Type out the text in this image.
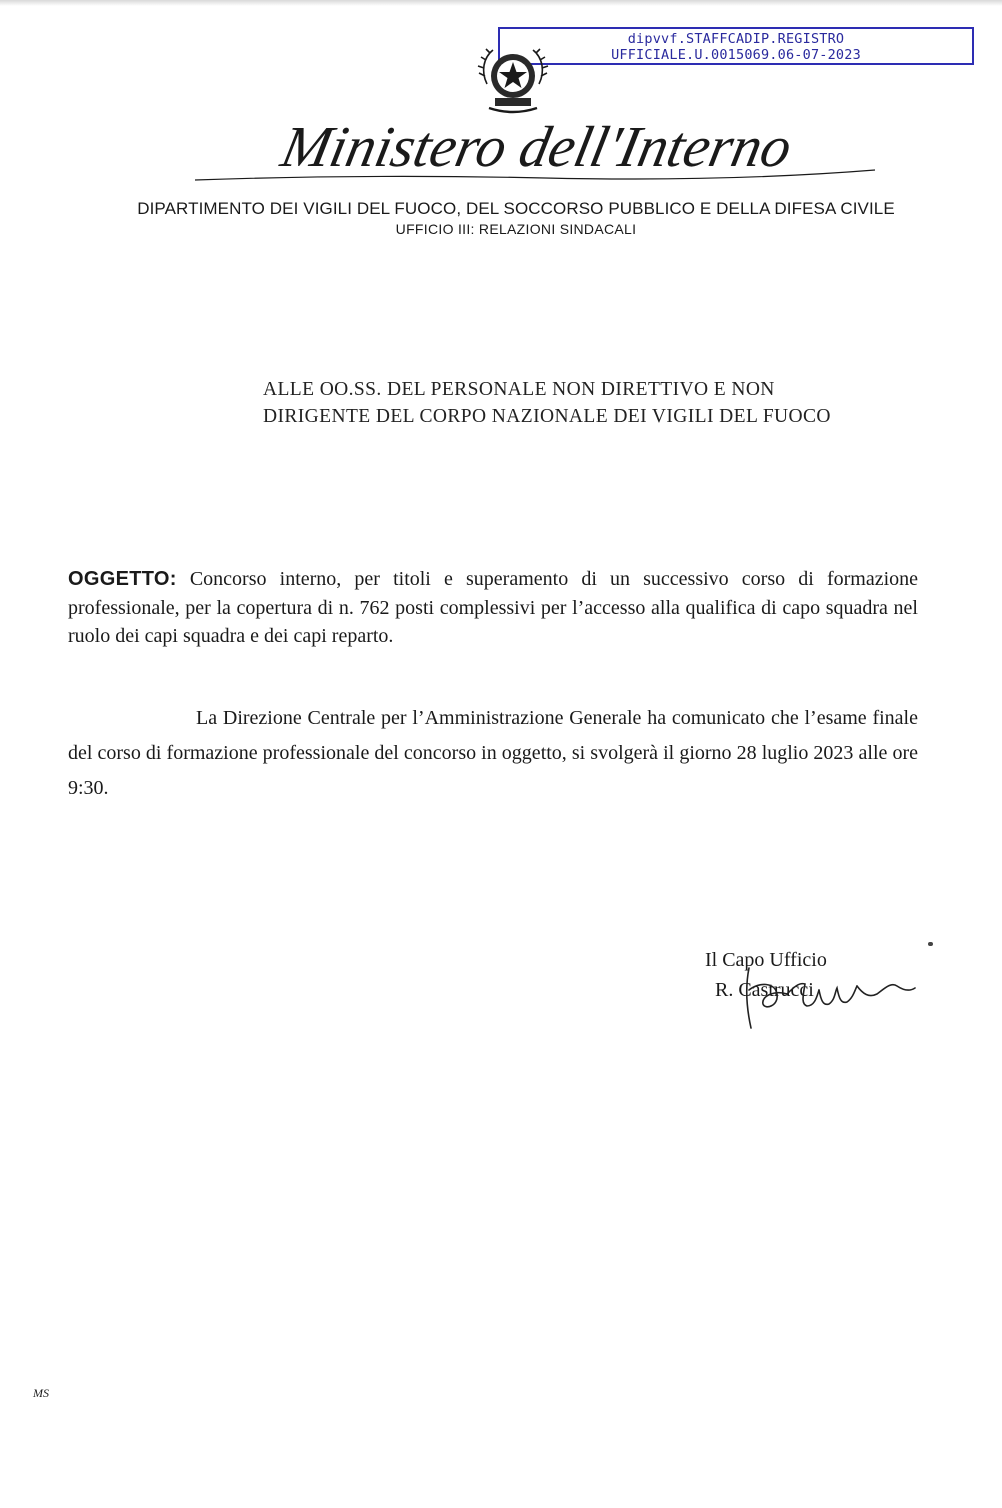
dipvvf.STAFFCADIP.REGISTRO
UFFICIALE.U.0015069.06-07-2023
Ministero dell'Interno
DIPARTIMENTO DEI VIGILI DEL FUOCO, DEL SOCCORSO PUBBLICO E DELLA DIFESA CIVILE
UFFICIO III: RELAZIONI SINDACALI
ALLE OO.SS. DEL PERSONALE NON DIRETTIVO E NON
DIRIGENTE DEL CORPO NAZIONALE DEI VIGILI DEL FUOCO
OGGETTO: Concorso interno, per titoli e superamento di un successivo corso di formazione professionale, per la copertura di n. 762 posti complessivi per l’accesso alla qualifica di capo squadra nel ruolo dei capi squadra e dei capi reparto.
La Direzione Centrale per l’Amministrazione Generale ha comunicato che l’esame finale del corso di formazione professionale del concorso in oggetto, si svolgerà il giorno 28 luglio 2023 alle ore 9:30.
Il Capo Ufficio
R. Castrucci
MS
